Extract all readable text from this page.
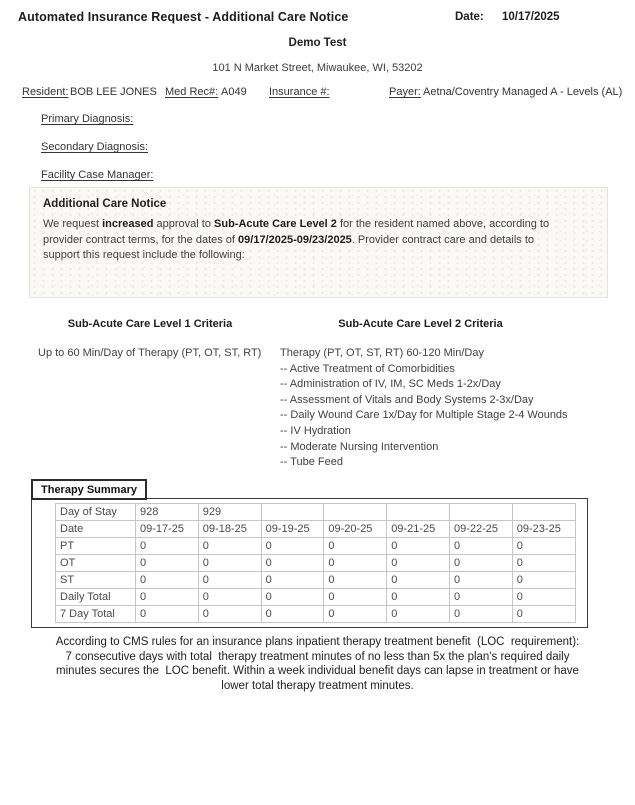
Automated Insurance Request - Additional Care Notice	Date: 10/17/2025
Demo Test
101 N Market Street, Miwaukee, WI, 53202
Resident: BOB LEE JONES Med Rec#: A049 Insurance #:	Payer: Aetna/Coventry Managed A - Levels (AL)
Primary Diagnosis:
Secondary Diagnosis:
Facility Case Manager:
Additional Care Notice
We request increased approval to Sub-Acute Care Level 2 for the resident named above, according to provider contract terms, for the dates of 09/17/2025-09/23/2025. Provider contract care and details to support this request include the following:
Sub-Acute Care Level 1 Criteria	Sub-Acute Care Level 2 Criteria
Up to 60 Min/Day of Therapy (PT, OT, ST, RT)	Therapy (PT, OT, ST, RT) 60-120 Min/Day
-- Active Treatment of Comorbidities
-- Administration of IV, IM, SC Meds 1-2x/Day
-- Assessment of Vitals and Body Systems 2-3x/Day
-- Daily Wound Care 1x/Day for Multiple Stage 2-4 Wounds
-- IV Hydration
-- Moderate Nursing Intervention
-- Tube Feed
Therapy Summary
Day of Stay	928	929					
Date	09-17-25	09-18-25	09-19-25	09-20-25	09-21-25	09-22-25	09-23-25
PT	0	0	0	0	0	0	0
OT	0	0	0	0	0	0	0
ST	0	0	0	0	0	0	0
Daily Total	0	0	0	0	0	0	0
7 Day Total	0	0	0	0	0	0	0
According to CMS rules for an insurance plans inpatient therapy treatment benefit  (LOC  requirement):
7 consecutive days with total  therapy treatment minutes of no less than 5x the plan's required daily
minutes secures the  LOC benefit. Within a week individual benefit days can lapse in treatment or have
lower total therapy treatment minutes.
